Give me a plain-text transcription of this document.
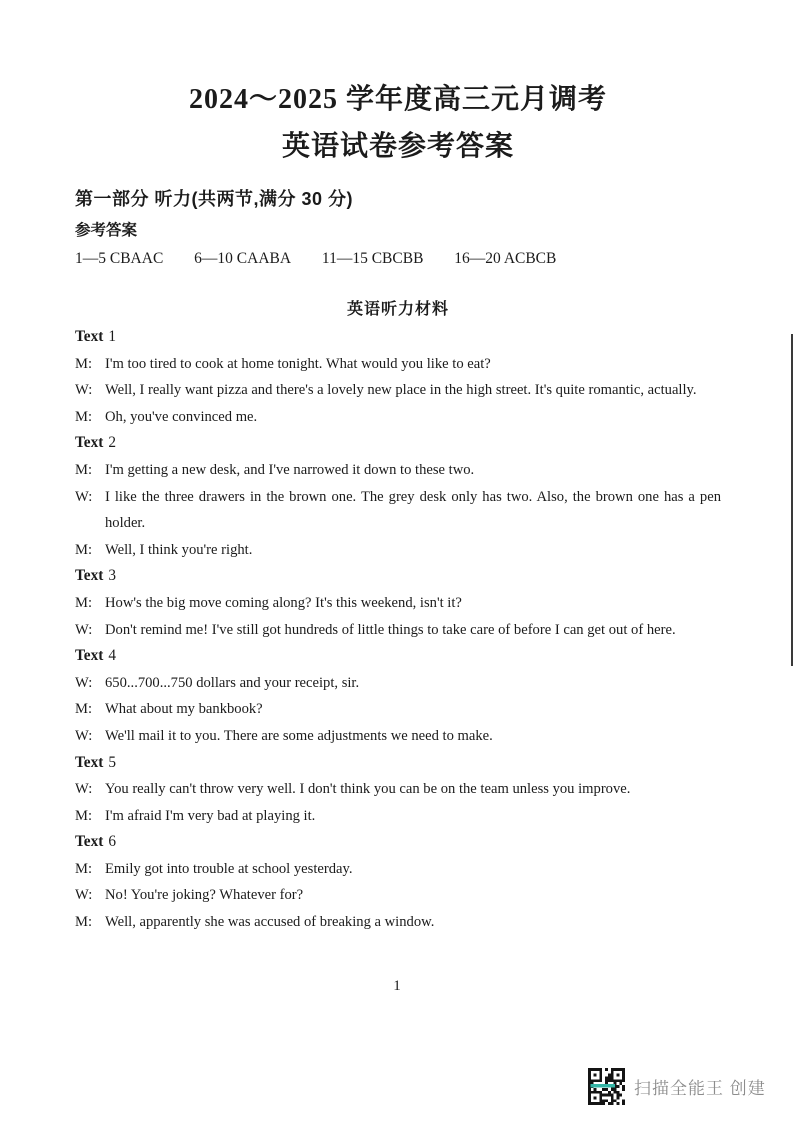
2024～2025 学年度高三元月调考
英语试卷参考答案
第一部分 听力(共两节,满分 30 分)
参考答案
1—5 CBAAC 6—10 CAABA 11—15 CBCBB 16—20 ACBCB
英语听力材料
Text 1
M: I'm too tired to cook at home tonight. What would you like to eat?
W: Well, I really want pizza and there's a lovely new place in the high street. It's quite romantic, actually.
M: Oh, you've convinced me.
Text 2
M: I'm getting a new desk, and I've narrowed it down to these two.
W: I like the three drawers in the brown one. The grey desk only has two. Also, the brown one has a pen holder.
M: Well, I think you're right.
Text 3
M: How's the big move coming along? It's this weekend, isn't it?
W: Don't remind me! I've still got hundreds of little things to take care of before I can get out of here.
Text 4
W: 650...700...750 dollars and your receipt, sir.
M: What about my bankbook?
W: We'll mail it to you. There are some adjustments we need to make.
Text 5
W: You really can't throw very well. I don't think you can be on the team unless you improve.
M: I'm afraid I'm very bad at playing it.
Text 6
M: Emily got into trouble at school yesterday.
W: No! You're joking? Whatever for?
M: Well, apparently she was accused of breaking a window.
1
扫描全能王 创建
